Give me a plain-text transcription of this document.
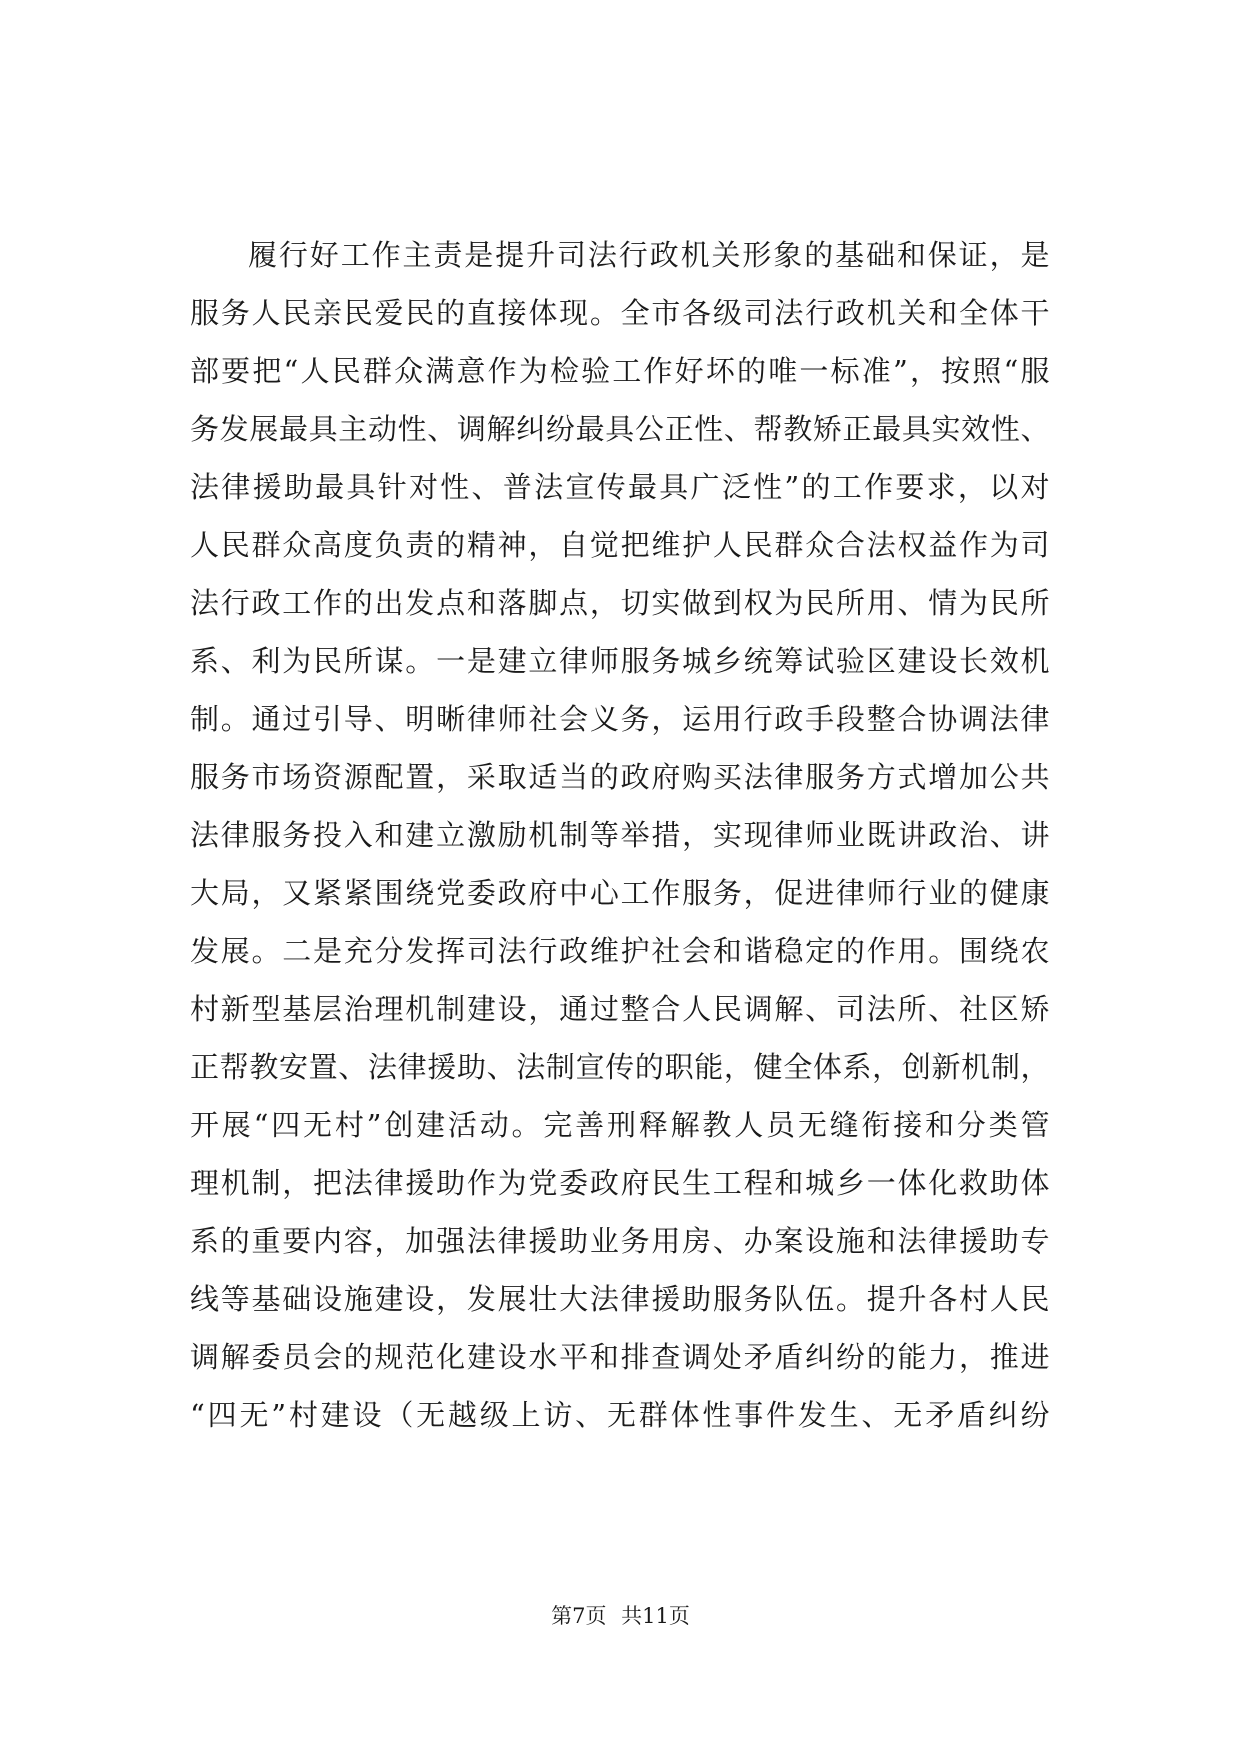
履行好工作主责是提升司法行政机关形象的基础和保证，是
服务人民亲民爱民的直接体现。全市各级司法行政机关和全体干
部要把“人民群众满意作为检验工作好坏的唯一标准”，按照“服
务发展最具主动性、调解纠纷最具公正性、帮教矫正最具实效性、
法律援助最具针对性、普法宣传最具广泛性”的工作要求，以对
人民群众高度负责的精神，自觉把维护人民群众合法权益作为司
法行政工作的出发点和落脚点，切实做到权为民所用、情为民所
系、利为民所谋。一是建立律师服务城乡统筹试验区建设长效机
制。通过引导、明晰律师社会义务，运用行政手段整合协调法律
服务市场资源配置，采取适当的政府购买法律服务方式增加公共
法律服务投入和建立激励机制等举措，实现律师业既讲政治、讲
大局，又紧紧围绕党委政府中心工作服务，促进律师行业的健康
发展。二是充分发挥司法行政维护社会和谐稳定的作用。围绕农
村新型基层治理机制建设，通过整合人民调解、司法所、社区矫
正帮教安置、法律援助、法制宣传的职能，健全体系，创新机制，
开展“四无村”创建活动。完善刑释解教人员无缝衔接和分类管
理机制，把法律援助作为党委政府民生工程和城乡一体化救助体
系的重要内容，加强法律援助业务用房、办案设施和法律援助专
线等基础设施建设，发展壮大法律援助服务队伍。提升各村人民
调解委员会的规范化建设水平和排查调处矛盾纠纷的能力，推进
“四无”村建设（无越级上访、无群体性事件发生、无矛盾纠纷
第7页 共11页
